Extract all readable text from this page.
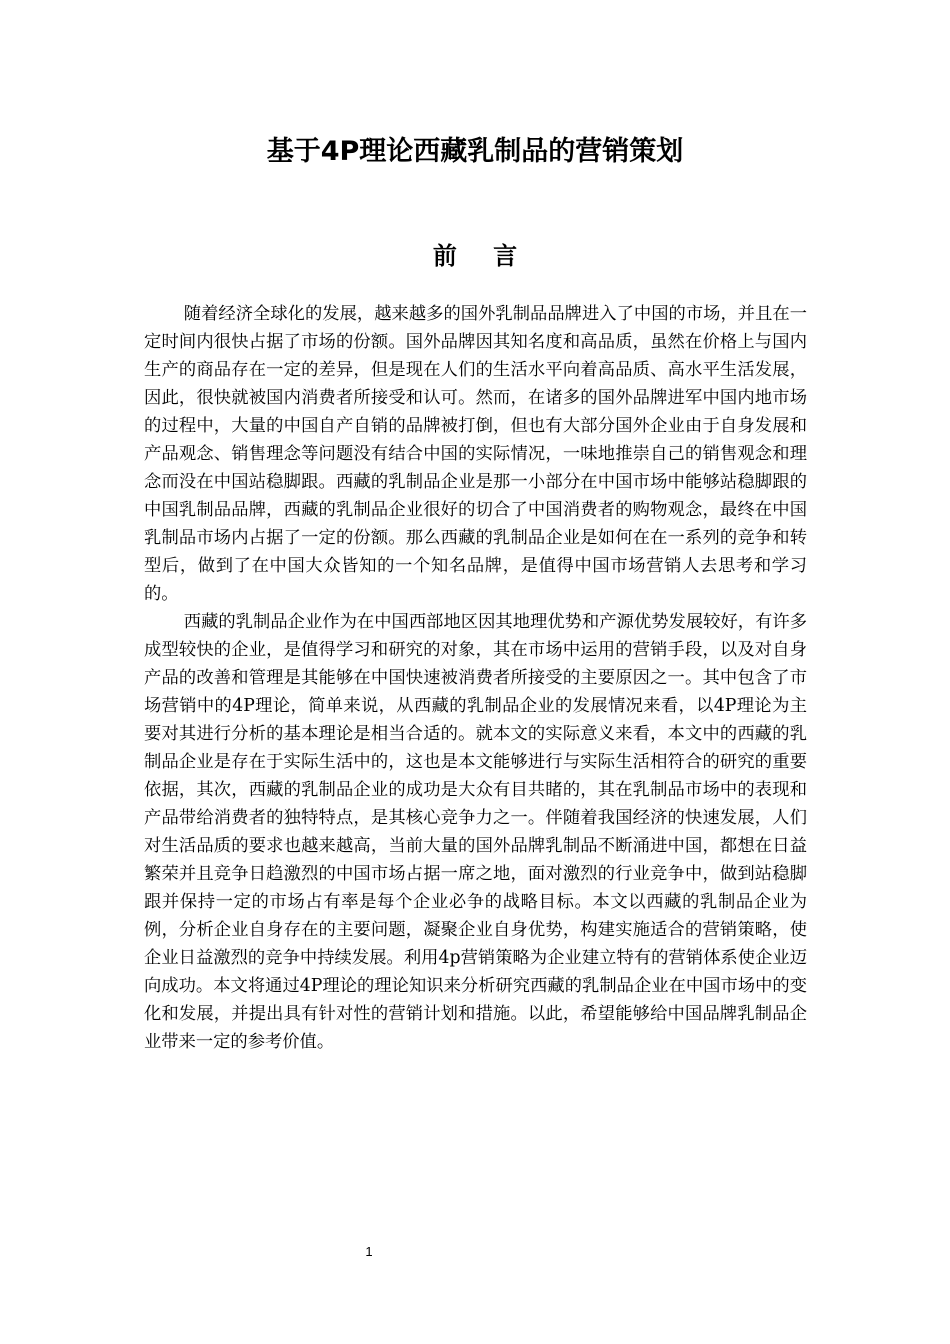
基于4P理论西藏乳制品的营销策划
前 言

随着经济全球化的发展，越来越多的国外乳制品品牌进入了中国的市场，并且在一定时间内很快占据了市场的份额。国外品牌因其知名度和高品质，虽然在价格上与国内生产的商品存在一定的差异，但是现在人们的生活水平向着高品质、高水平生活发展，因此，很快就被国内消费者所接受和认可。然而，在诸多的国外品牌进军中国内地市场的过程中，大量的中国自产自销的品牌被打倒，但也有大部分国外企业由于自身发展和产品观念、销售理念等问题没有结合中国的实际情况，一味地推崇自己的销售观念和理念而没在中国站稳脚跟。西藏的乳制品企业是那一小部分在中国市场中能够站稳脚跟的中国乳制品品牌，西藏的乳制品企业很好的切合了中国消费者的购物观念，最终在中国乳制品市场内占据了一定的份额。那么西藏的乳制品企业是如何在在一系列的竞争和转型后，做到了在中国大众皆知的一个知名品牌，是值得中国市场营销人去思考和学习的。

西藏的乳制品企业作为在中国西部地区因其地理优势和产源优势发展较好，有许多成型较快的企业，是值得学习和研究的对象，其在市场中运用的营销手段，以及对自身产品的改善和管理是其能够在中国快速被消费者所接受的主要原因之一。其中包含了市场营销中的4P理论，简单来说，从西藏的乳制品企业的发展情况来看，以4P理论为主要对其进行分析的基本理论是相当合适的。就本文的实际意义来看，本文中的西藏的乳制品企业是存在于实际生活中的，这也是本文能够进行与实际生活相符合的研究的重要依据，其次，西藏的乳制品企业的成功是大众有目共睹的，其在乳制品市场中的表现和产品带给消费者的独特特点，是其核心竞争力之一。伴随着我国经济的快速发展，人们对生活品质的要求也越来越高，当前大量的国外品牌乳制品不断涌进中国，都想在日益繁荣并且竞争日趋激烈的中国市场占据一席之地，面对激烈的行业竞争中，做到站稳脚跟并保持一定的市场占有率是每个企业必争的战略目标。本文以西藏的乳制品企业为例，分析企业自身存在的主要问题，凝聚企业自身优势，构建实施适合的营销策略，使企业日益激烈的竞争中持续发展。利用4p营销策略为企业建立特有的营销体系使企业迈向成功。本文将通过4P理论的理论知识来分析研究西藏的乳制品企业在中国市场中的变化和发展，并提出具有针对性的营销计划和措施。以此，希望能够给中国品牌乳制品企业带来一定的参考价值。

1
